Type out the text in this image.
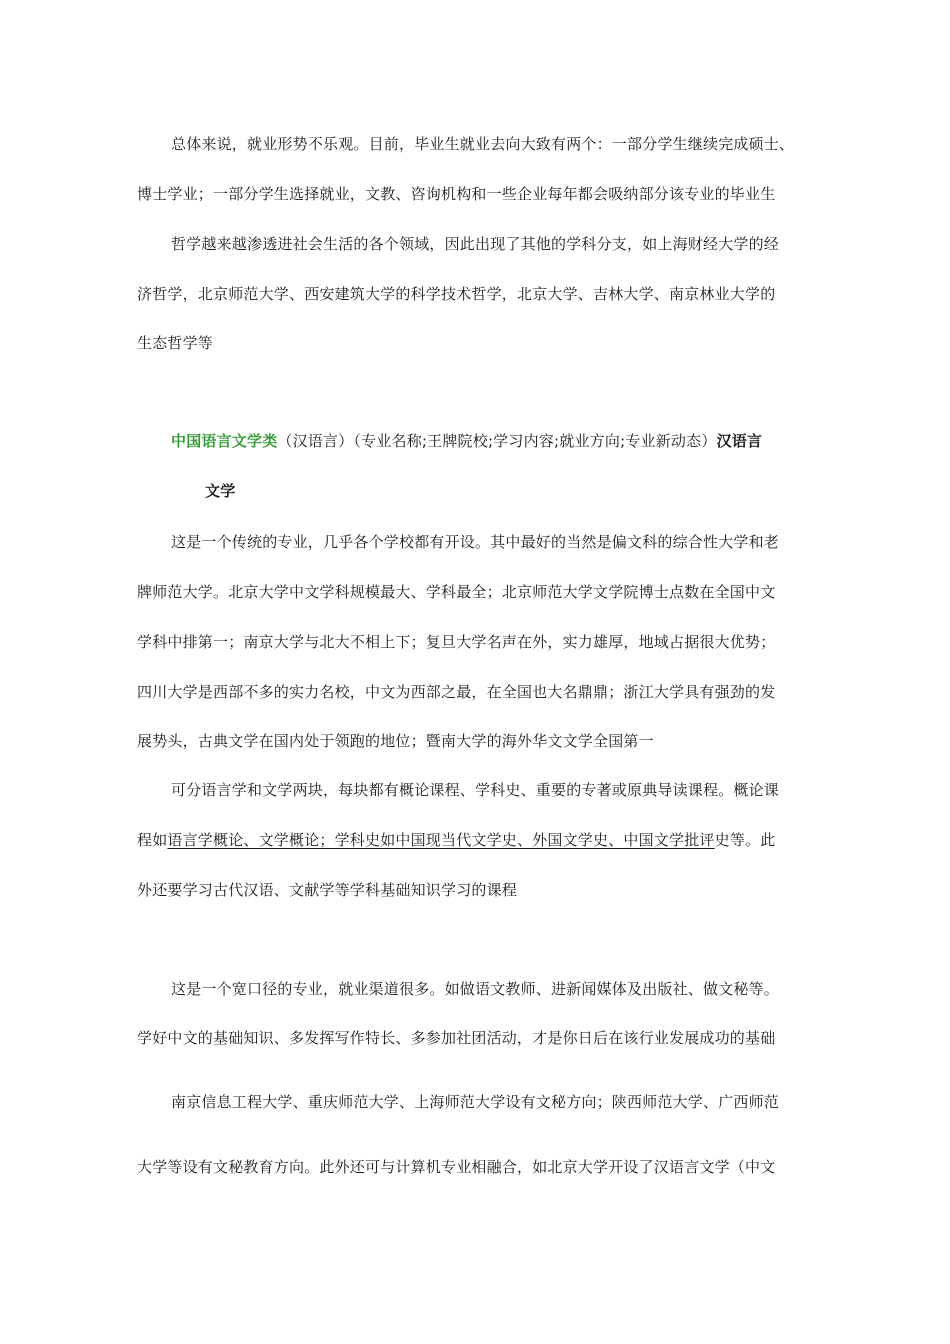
总体来说，就业形势不乐观。目前，毕业生就业去向大致有两个：一部分学生继续完成硕士、
博士学业；一部分学生选择就业，文教、咨询机构和一些企业每年都会吸纳部分该专业的毕业生
哲学越来越渗透进社会生活的各个领域，因此出现了其他的学科分支，如上海财经大学的经
济哲学，北京师范大学、西安建筑大学的科学技术哲学，北京大学、吉林大学、南京林业大学的
生态哲学等
中国语言文学类（汉语言）（专业名称;王牌院校;学习内容;就业方向;专业新动态）汉语言
文学
这是一个传统的专业，几乎各个学校都有开设。其中最好的当然是偏文科的综合性大学和老
牌师范大学。北京大学中文学科规模最大、学科最全；北京师范大学文学院博士点数在全国中文
学科中排第一；南京大学与北大不相上下；复旦大学名声在外，实力雄厚，地域占据很大优势；
四川大学是西部不多的实力名校，中文为西部之最，在全国也大名鼎鼎；浙江大学具有强劲的发
展势头，古典文学在国内处于领跑的地位；暨南大学的海外华文文学全国第一
可分语言学和文学两块，每块都有概论课程、学科史、重要的专著或原典导读课程。概论课
程如语言学概论、文学概论；学科史如中国现当代文学史、外国文学史、中国文学批评史等。此
外还要学习古代汉语、文献学等学科基础知识学习的课程
这是一个宽口径的专业，就业渠道很多。如做语文教师、进新闻媒体及出版社、做文秘等。
学好中文的基础知识、多发挥写作特长、多参加社团活动，才是你日后在该行业发展成功的基础
南京信息工程大学、重庆师范大学、上海师范大学设有文秘方向；陕西师范大学、广西师范
大学等设有文秘教育方向。此外还可与计算机专业相融合，如北京大学开设了汉语言文学（中文
